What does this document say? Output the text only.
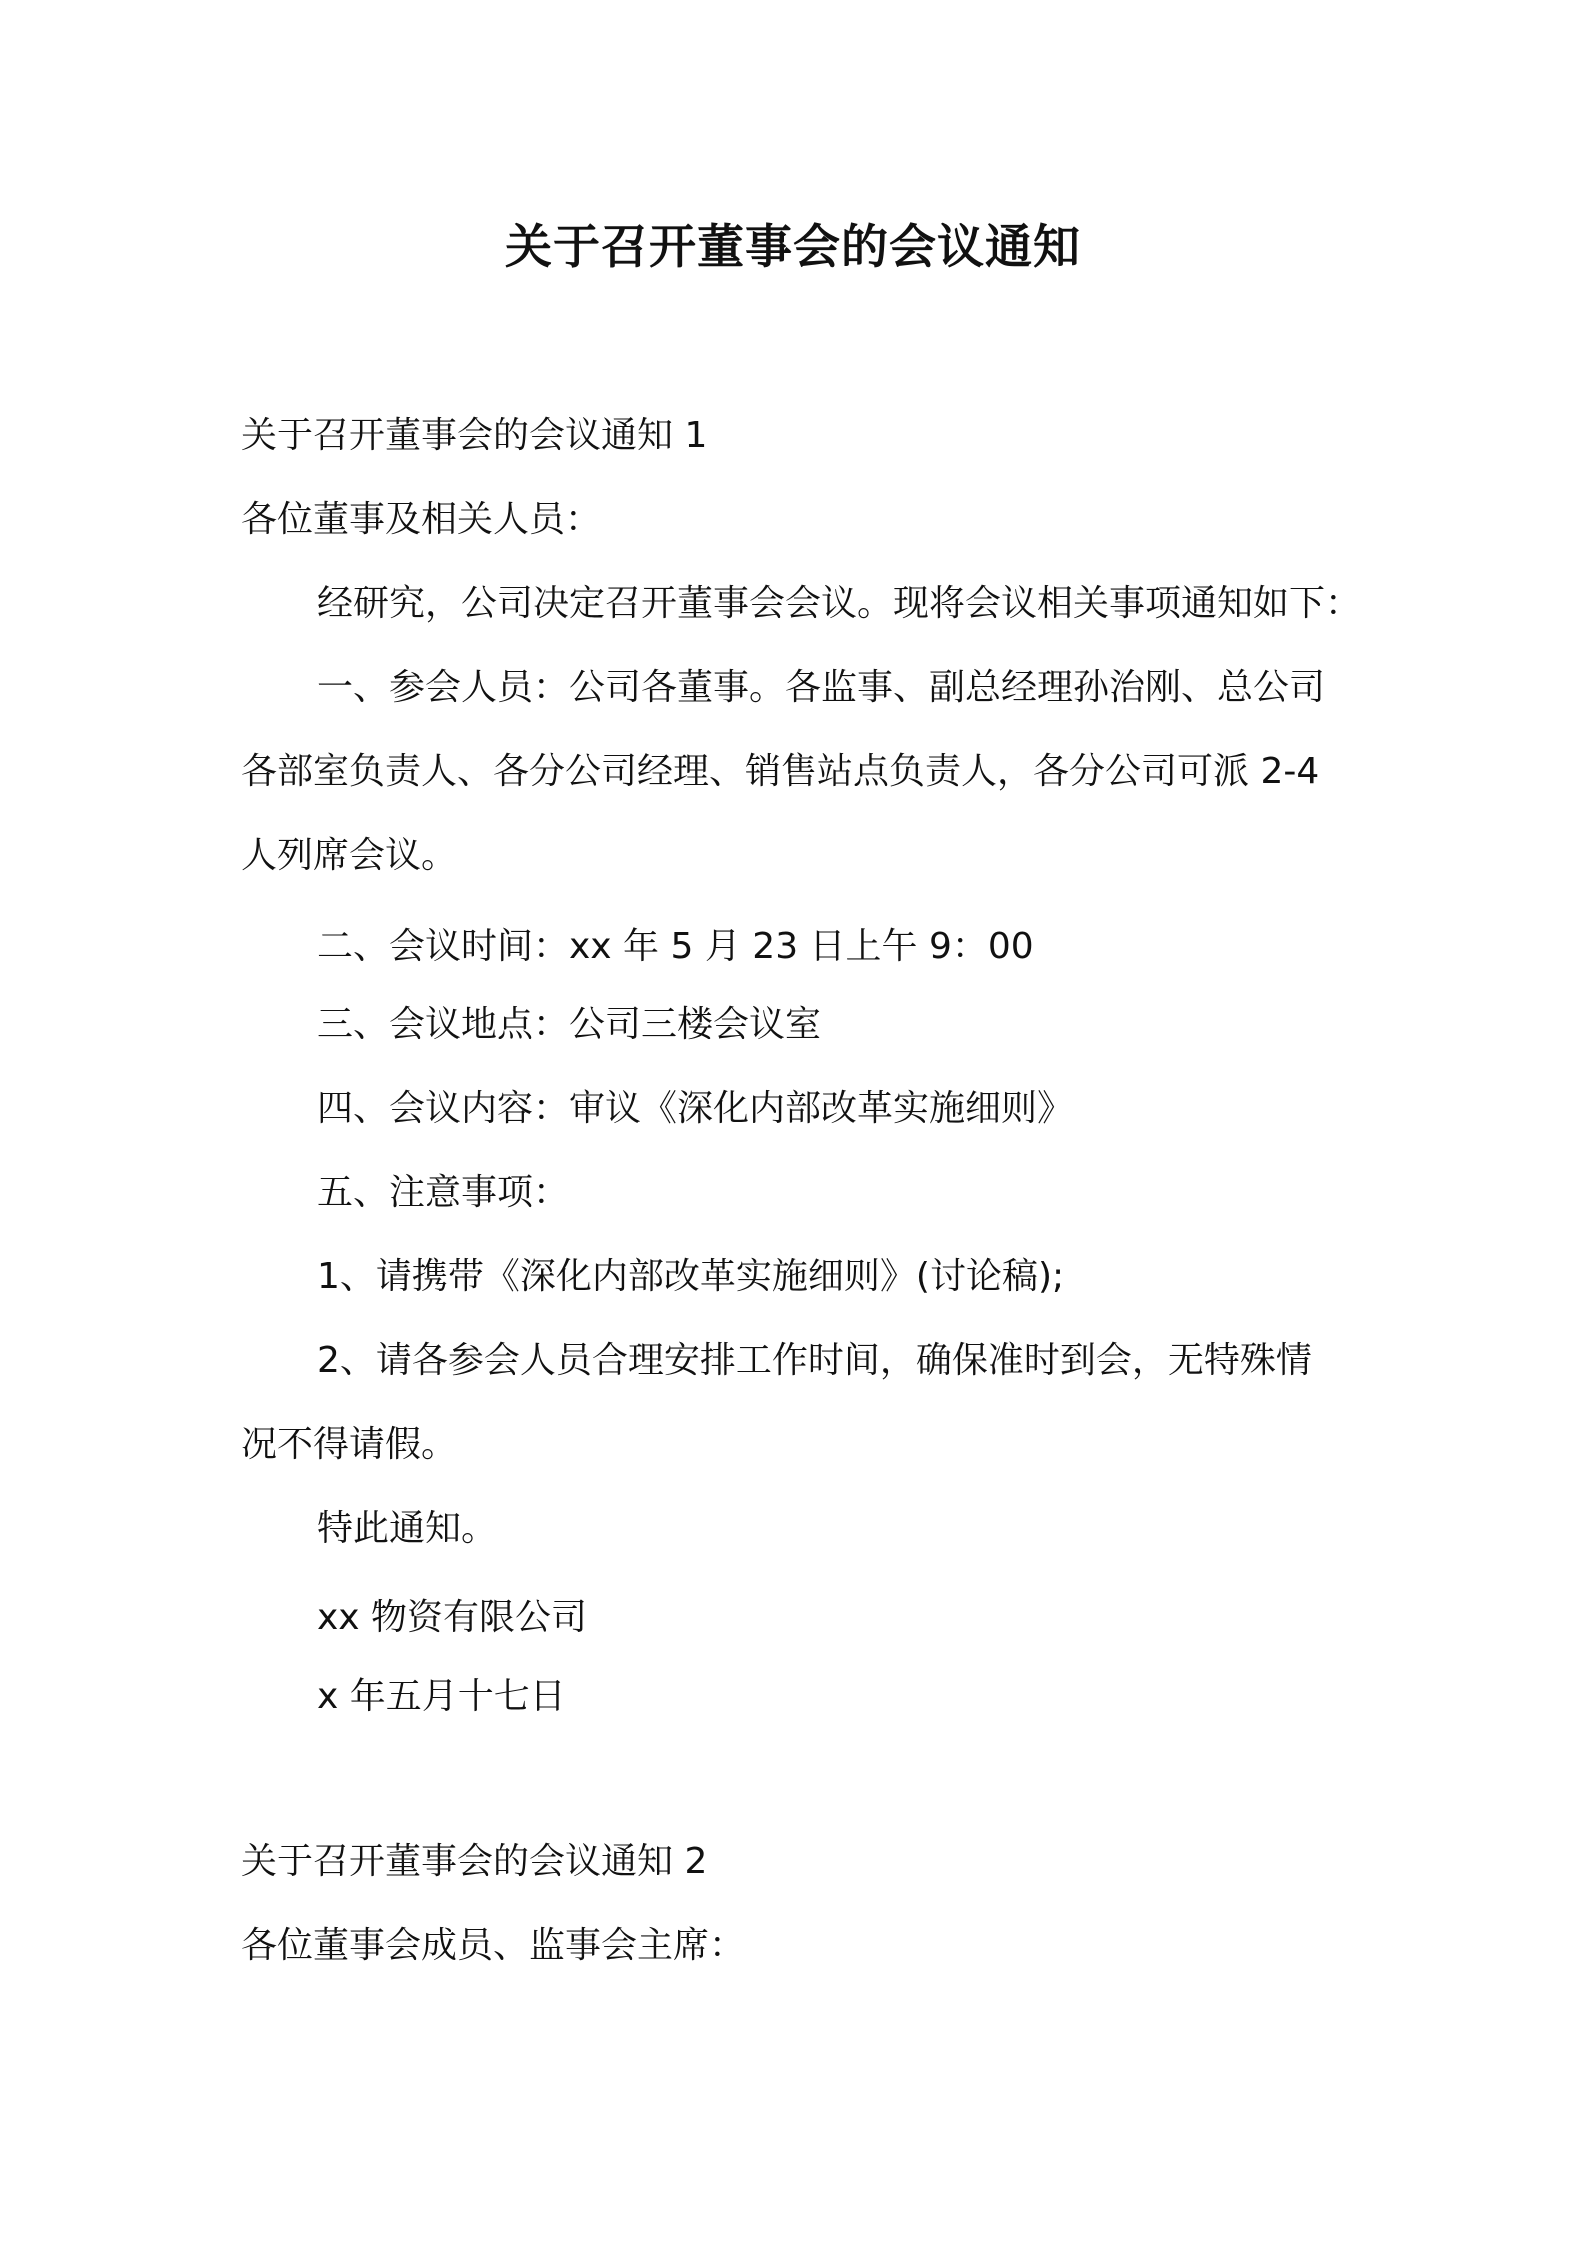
关于召开董事会的会议通知
关于召开董事会的会议通知 1
各位董事及相关人员：
经研究，公司决定召开董事会会议。现将会议相关事项通知如下：
一、参会人员：公司各董事。各监事、副总经理孙治刚、总公司
各部室负责人、各分公司经理、销售站点负责人，各分公司可派 2-4
人列席会议。
二、会议时间：xx 年 5 月 23 日上午 9：00
三、会议地点：公司三楼会议室
四、会议内容：审议《深化内部改革实施细则》
五、注意事项：
1、请携带《深化内部改革实施细则》(讨论稿);
2、请各参会人员合理安排工作时间，确保准时到会，无特殊情
况不得请假。
特此通知。
xx 物资有限公司
x 年五月十七日
关于召开董事会的会议通知 2
各位董事会成员、监事会主席：
